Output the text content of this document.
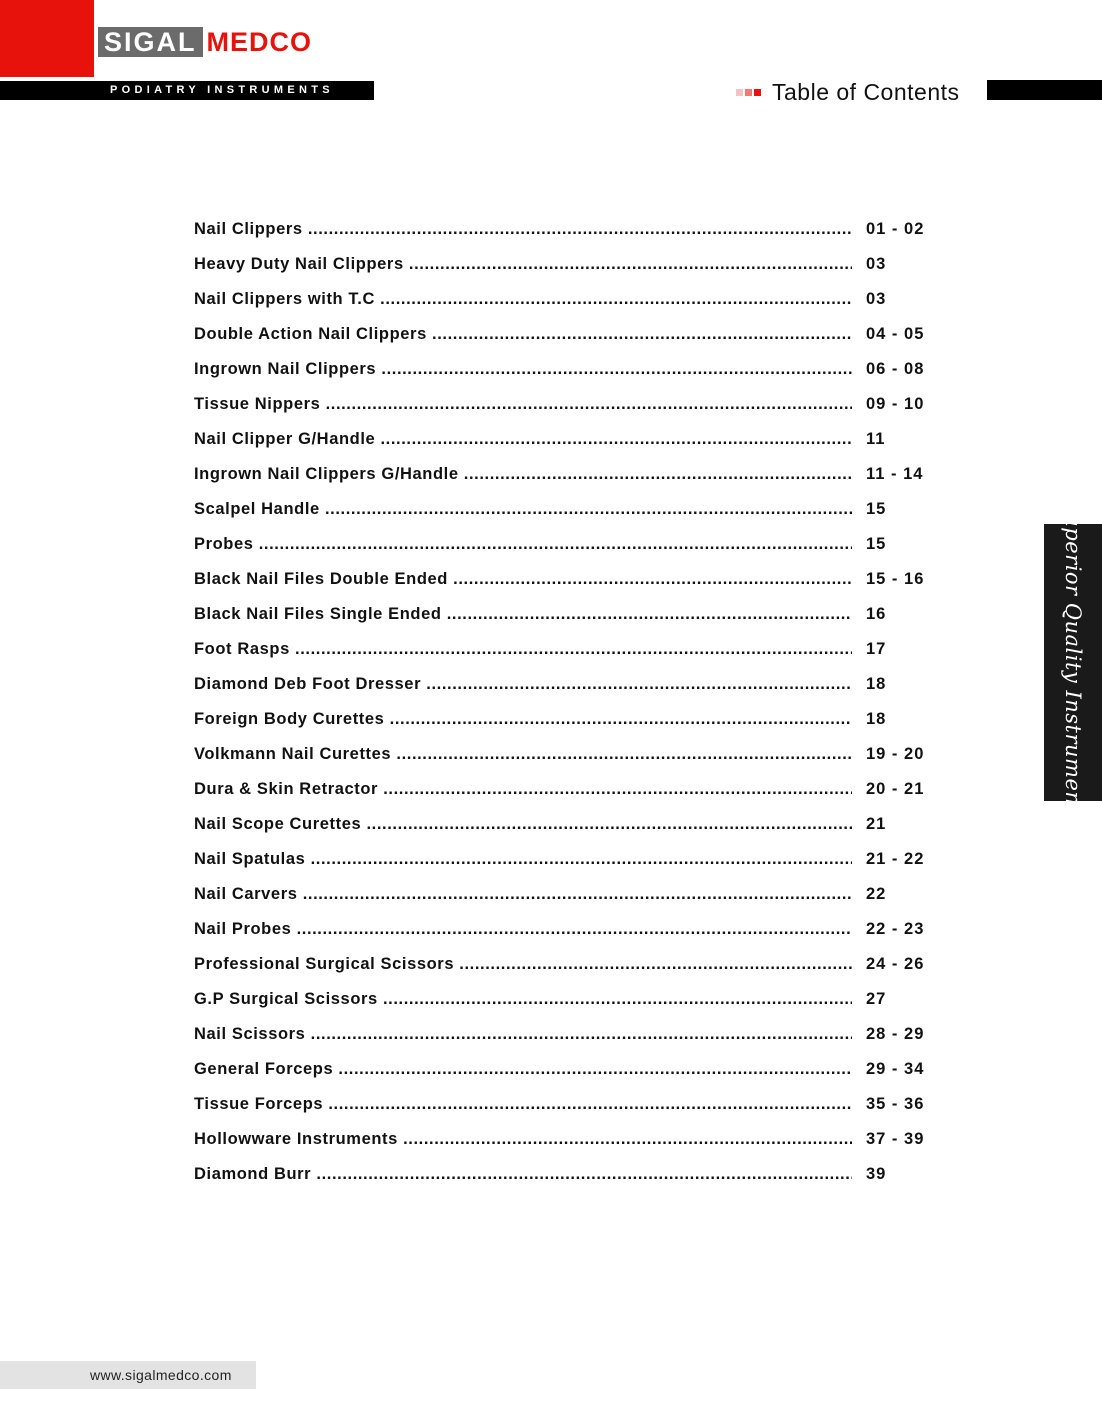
SIGAL MEDCO
PODIATRY INSTRUMENTS	Table of Contents
Nail Clippers .....	01 - 02
Heavy Duty Nail Clippers .....	03
Nail Clippers with T.C .....	03
Double Action Nail Clippers .....	04 - 05
Ingrown Nail Clippers .....	06 - 08
Tissue Nippers .....	09 - 10
Nail Clipper G/Handle .....	11
Ingrown Nail Clippers G/Handle .....	11 - 14
Scalpel Handle .....	15
Probes .....	15
Black Nail Files Double Ended .....	15 - 16
Black Nail Files Single Ended .....	16
Foot Rasps .....	17
Diamond Deb Foot Dresser .....	18
Foreign Body Curettes .....	18
Volkmann Nail Curettes .....	19 - 20
Dura & Skin Retractor .....	20 - 21
Nail Scope Curettes .....	21
Nail Spatulas .....	21 - 22
Nail Carvers .....	22
Nail Probes .....	22 - 23
Professional Surgical Scissors .....	24 - 26
G.P Surgical Scissors .....	27
Nail Scissors .....	28 - 29
General Forceps .....	29 - 34
Tissue Forceps .....	35 - 36
Hollowware Instruments .....	37 - 39
Diamond Burr .....	39
Superior Quality Instruments
www.sigalmedco.com
